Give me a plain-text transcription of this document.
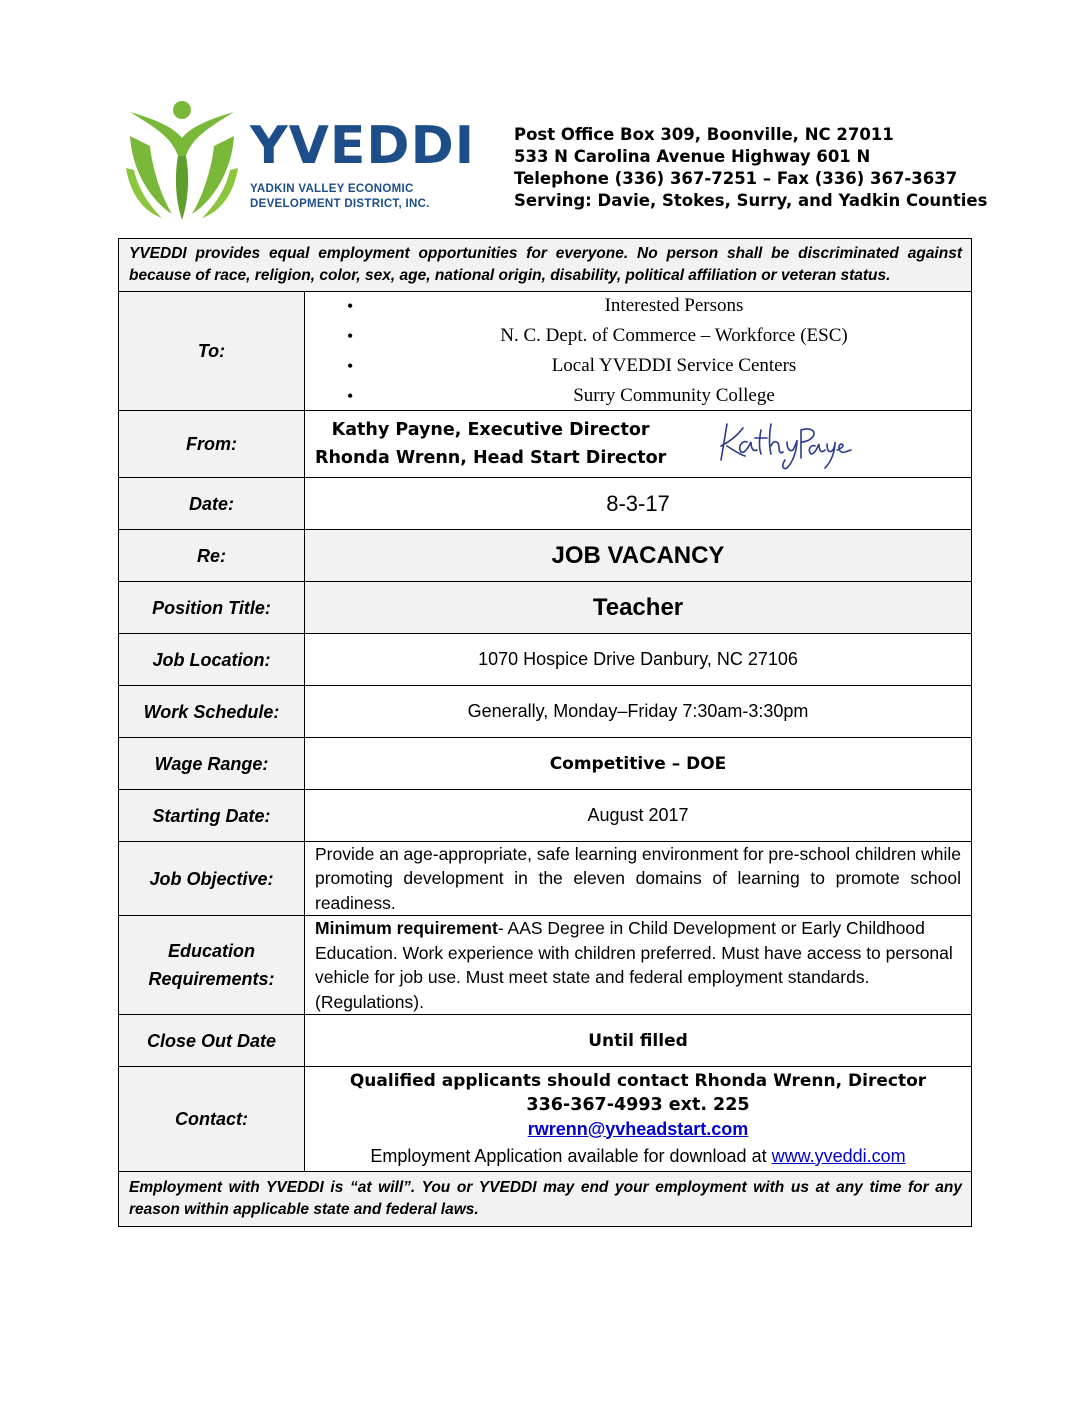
YVEDDI
YADKIN VALLEY ECONOMIC
DEVELOPMENT DISTRICT, INC.
Post Office Box 309, Boonville, NC 27011
533 N Carolina Avenue Highway 601 N
Telephone (336) 367-7251 – Fax (336) 367-3637
Serving: Davie, Stokes, Surry, and Yadkin Counties
YVEDDI provides equal employment opportunities for everyone. No person shall be discriminated against
because of race, religion, color, sex, age, national origin, disability, political affiliation or veteran status.
To:
• Interested Persons
• N. C. Dept. of Commerce – Workforce (ESC)
• Local YVEDDI Service Centers
• Surry Community College
From:
Kathy Payne, Executive Director
Rhonda Wrenn, Head Start Director
Date:	8-3-17
Re:	JOB VACANCY
Position Title:	Teacher
Job Location:	1070 Hospice Drive Danbury, NC 27106
Work Schedule:	Generally, Monday–Friday 7:30am-3:30pm
Wage Range:	Competitive – DOE
Starting Date:	August 2017
Job Objective:
Provide an age-appropriate, safe learning environment for pre-school children while promoting development in the eleven domains of learning to promote school readiness.
Education
Requirements:
Minimum requirement- AAS Degree in Child Development or Early Childhood Education. Work experience with children preferred. Must have access to personal vehicle for job use. Must meet state and federal employment standards. (Regulations).
Close Out Date	Until filled
Contact:
Qualified applicants should contact Rhonda Wrenn, Director
336-367-4993 ext. 225
rwrenn@yvheadstart.com
Employment Application available for download at www.yveddi.com
Employment with YVEDDI is “at will”. You or YVEDDI may end your employment with us at any time for any
reason within applicable state and federal laws.
